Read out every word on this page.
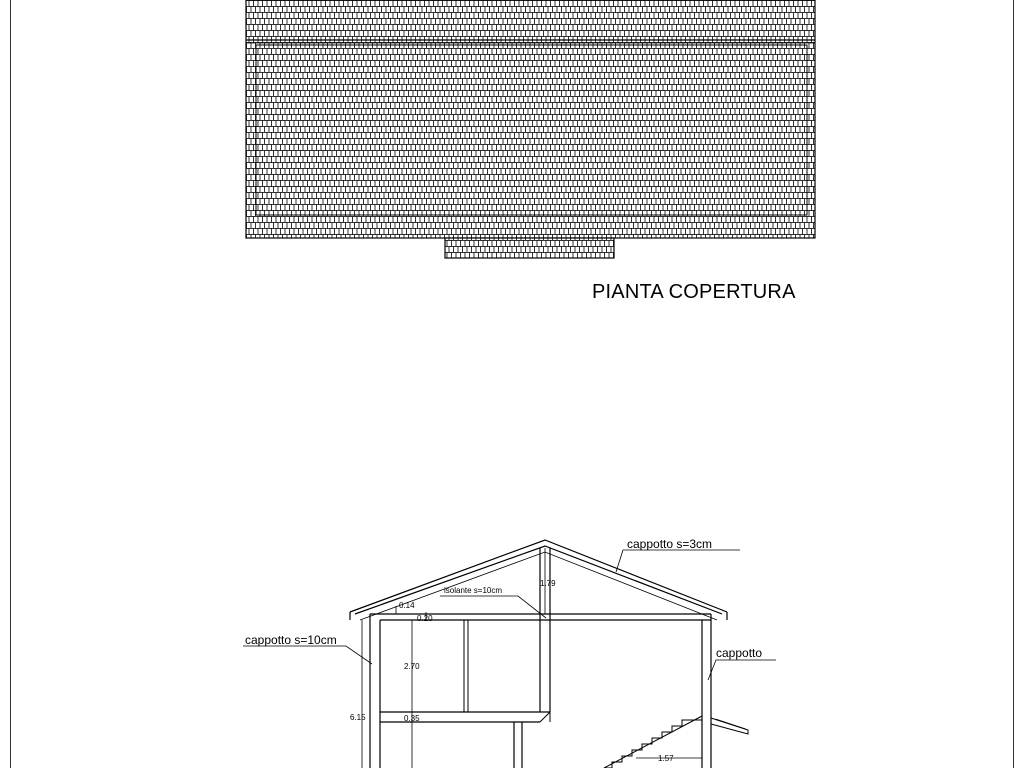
1.79
0.14
0.20
2.70
0.35
6.15
1.57
cappotto s=3cm
cappotto s=10cm
cappotto
isolante s=10cm
PIANTA COPERTURA
